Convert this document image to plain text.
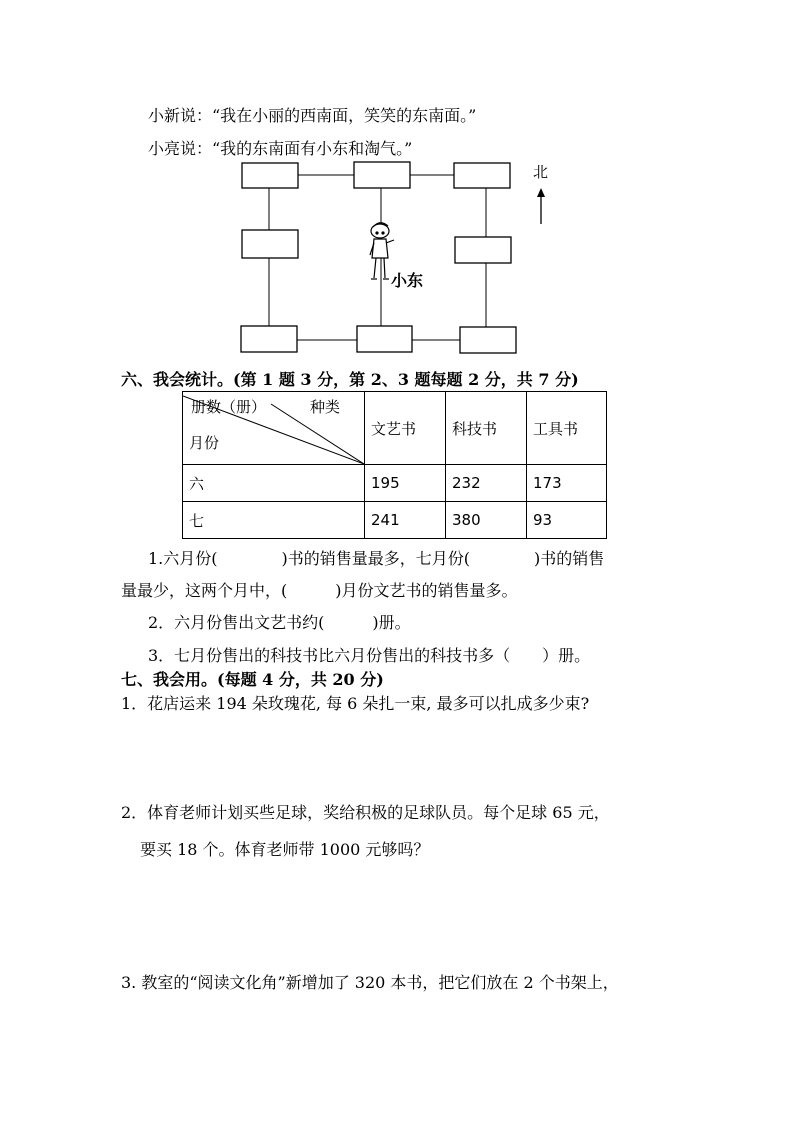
小新说：“我在小丽的西南面，笑笑的东南面。”
小亮说：“我的东南面有小东和淘气。”
北
小东
六、我会统计。(第 1 题 3 分，第 2、3 题每题 2 分，共 7 分)
册数（册） 种类
月份	文艺书	科技书	工具书
六	195	232	173
七	241	380	93
1.六月份(　　　　)书的销售量最多，七月份(　　　　)书的销售
量最少，这两个月中，(　　　)月份文艺书的销售量多。
2．六月份售出文艺书约(　　　)册。
3．七月份售出的科技书比六月份售出的科技书多（　　）册。
七、我会用。(每题 4 分，共 20 分)
1．花店运来 194 朵玫瑰花, 每 6 朵扎一束, 最多可以扎成多少束?
2．体育老师计划买些足球，奖给积极的足球队员。每个足球 65 元，
要买 18 个。体育老师带 1000 元够吗？
3. 教室的“阅读文化角”新增加了 320 本书，把它们放在 2 个书架上，
